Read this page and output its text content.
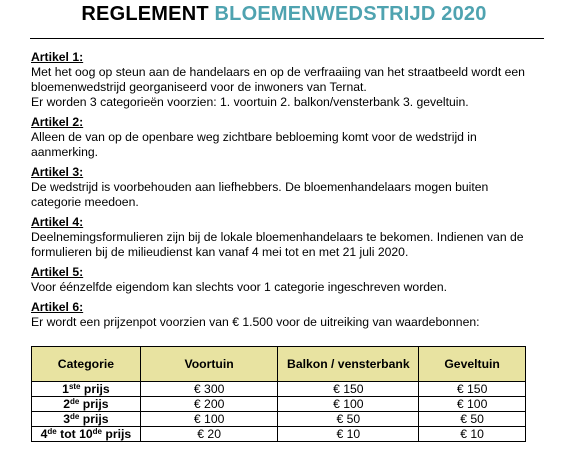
REGLEMENT BLOEMENWEDSTRIJD 2020
Artikel 1:
Met het oog op steun aan de handelaars en op de verfraaiing van het straatbeeld wordt een
bloemenwedstrijd georganiseerd voor de inwoners van Ternat.
Er worden 3 categorieën voorzien: 1. voortuin 2. balkon/vensterbank 3. geveltuin.
Artikel 2:
Alleen de van op de openbare weg zichtbare bebloeming komt voor de wedstrijd in
aanmerking.
Artikel 3:
De wedstrijd is voorbehouden aan liefhebbers. De bloemenhandelaars mogen buiten
categorie meedoen.
Artikel 4:
Deelnemingsformulieren zijn bij de lokale bloemenhandelaars te bekomen. Indienen van de
formulieren bij de milieudienst kan vanaf 4 mei tot en met 21 juli 2020.
Artikel 5:
Voor éénzelfde eigendom kan slechts voor 1 categorie ingeschreven worden.
Artikel 6:
Er wordt een prijzenpot voorzien van € 1.500 voor de uitreiking van waardebonnen:
Categorie	Voortuin	Balkon / vensterbank	Geveltuin
1ste prijs	€ 300	€ 150	€ 150
2de prijs	€ 200	€ 100	€ 100
3de prijs	€ 100	€ 50	€ 50
4de tot 10de prijs	€ 20	€ 10	€ 10
